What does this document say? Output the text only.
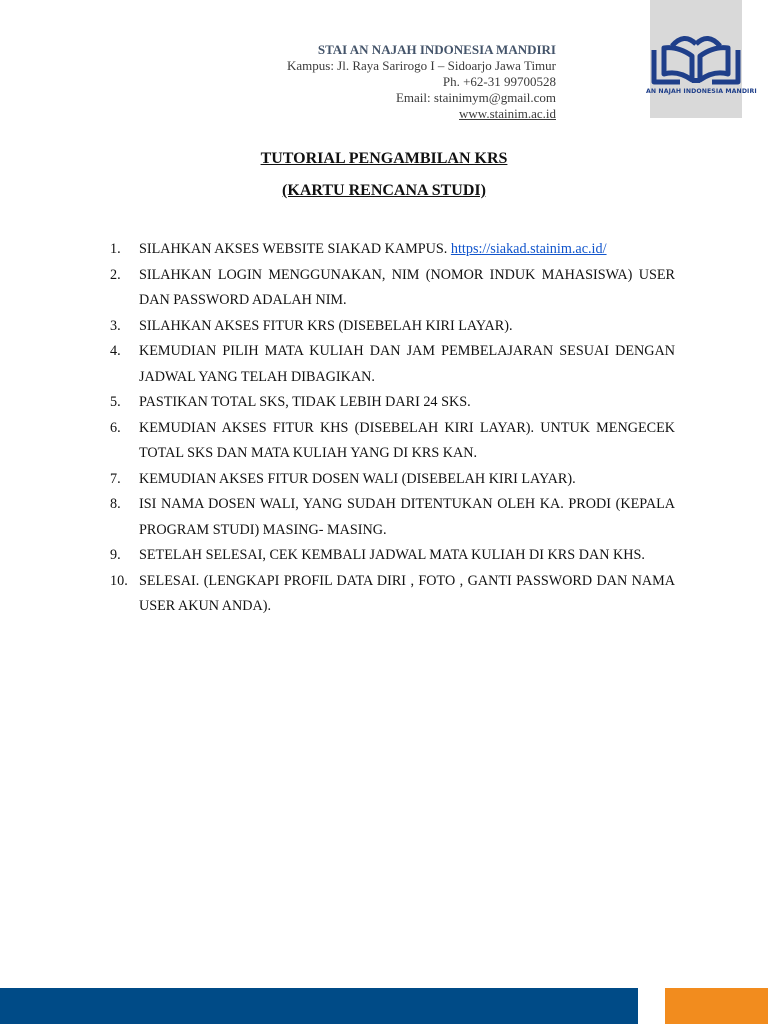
STAI AN NAJAH INDONESIA MANDIRI
Kampus: Jl. Raya Sarirogo I – Sidoarjo Jawa Timur
Ph. +62-31 99700528
Email: stainimym@gmail.com
www.stainim.ac.id
AN NAJAH INDONESIA MANDIRI
TUTORIAL PENGAMBILAN KRS
(KARTU RENCANA STUDI)
1.	SILAHKAN AKSES WEBSITE SIAKAD KAMPUS. https://siakad.stainim.ac.id/
2.	SILAHKAN LOGIN MENGGUNAKAN, NIM (NOMOR INDUK MAHASISWA) USER DAN PASSWORD ADALAH NIM.
3.	SILAHKAN AKSES FITUR KRS (DISEBELAH KIRI LAYAR).
4.	KEMUDIAN PILIH MATA KULIAH DAN JAM PEMBELAJARAN SESUAI DENGAN JADWAL YANG TELAH DIBAGIKAN.
5.	PASTIKAN TOTAL SKS, TIDAK LEBIH DARI 24 SKS.
6.	KEMUDIAN AKSES FITUR KHS (DISEBELAH KIRI LAYAR). UNTUK MENGECEK TOTAL SKS DAN MATA KULIAH YANG DI KRS KAN.
7.	KEMUDIAN AKSES FITUR DOSEN WALI (DISEBELAH KIRI LAYAR).
8.	ISI NAMA DOSEN WALI, YANG SUDAH DITENTUKAN OLEH KA. PRODI (KEPALA PROGRAM STUDI) MASING- MASING.
9.	SETELAH SELESAI, CEK KEMBALI JADWAL MATA KULIAH DI KRS DAN KHS.
10. SELESAI. (LENGKAPI PROFIL DATA DIRI , FOTO , GANTI PASSWORD DAN NAMA USER AKUN ANDA).
